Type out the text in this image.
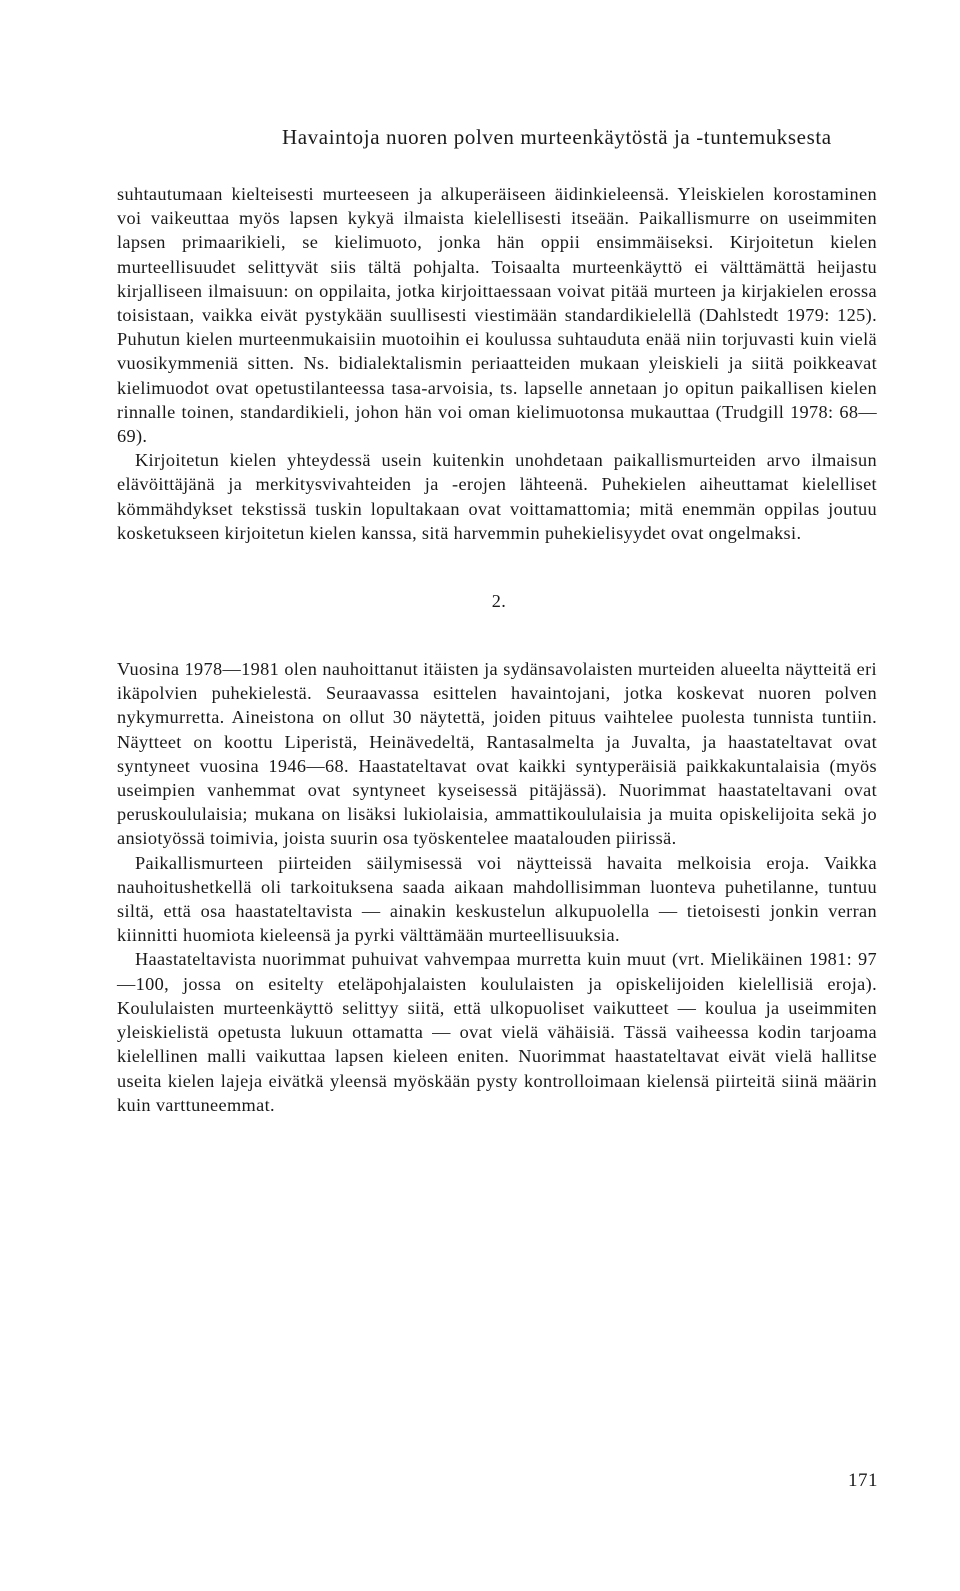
Havaintoja nuoren polven murteenkäytöstä ja -tuntemuksesta

suhtautumaan kielteisesti murteeseen ja alkuperäiseen äidinkieleensä. Yleiskielen korostaminen voi vaikeuttaa myös lapsen kykyä ilmaista kielellisesti itseään. Paikallismurre on useimmiten lapsen primaarikieli, se kielimuoto, jonka hän oppii ensimmäiseksi. Kirjoitetun kielen murteellisuudet selittyvät siis tältä pohjalta. Toisaalta murteenkäyttö ei välttämättä heijastu kirjalliseen ilmaisuun: on oppilaita, jotka kirjoittaessaan voivat pitää murteen ja kirjakielen erossa toisistaan, vaikka eivät pystykään suullisesti viestimään standardikielellä (Dahlstedt 1979: 125). Puhutun kielen murteenmukaisiin muotoihin ei koulussa suhtauduta enää niin torjuvasti kuin vielä vuosikymmeniä sitten. Ns. bidialektalismin periaatteiden mukaan yleiskieli ja siitä poikkeavat kielimuodot ovat opetustilanteessa tasa-arvoisia, ts. lapselle annetaan jo opitun paikallisen kielen rinnalle toinen, standardikieli, johon hän voi oman kielimuotonsa mukauttaa (Trudgill 1978: 68—69).

Kirjoitetun kielen yhteydessä usein kuitenkin unohdetaan paikallismurteiden arvo ilmaisun elävöittäjänä ja merkitysvivahteiden ja -erojen lähteenä. Puhekielen aiheuttamat kielelliset kömmähdykset tekstissä tuskin lopultakaan ovat voittamattomia; mitä enemmän oppilas joutuu kosketukseen kirjoitetun kielen kanssa, sitä harvemmin puhekielisyydet ovat ongelmaksi.

2.

Vuosina 1978—1981 olen nauhoittanut itäisten ja sydänsavolaisten murteiden alueelta näytteitä eri ikäpolvien puhekielestä. Seuraavassa esittelen havaintojani, jotka koskevat nuoren polven nykymurretta. Aineistona on ollut 30 näytettä, joiden pituus vaihtelee puolesta tunnista tuntiin. Näytteet on koottu Liperistä, Heinävedeltä, Rantasalmelta ja Juvalta, ja haastateltavat ovat syntyneet vuosina 1946—68. Haastateltavat ovat kaikki syntyperäisiä paikkakuntalaisia (myös useimpien vanhemmat ovat syntyneet kyseisessä pitäjässä). Nuorimmat haastateltavani ovat peruskoululaisia; mukana on lisäksi lukiolaisia, ammattikoululaisia ja muita opiskelijoita sekä jo ansiotyössä toimivia, joista suurin osa työskentelee maatalouden piirissä.

Paikallismurteen piirteiden säilymisessä voi näytteissä havaita melkoisia eroja. Vaikka nauhoitushetkellä oli tarkoituksena saada aikaan mahdollisimman luonteva puhetilanne, tuntuu siltä, että osa haastateltavista — ainakin keskustelun alkupuolella — tietoisesti jonkin verran kiinnitti huomiota kieleensä ja pyrki välttämään murteellisuuksia.

Haastateltavista nuorimmat puhuivat vahvempaa murretta kuin muut (vrt. Mielikäinen 1981: 97—100, jossa on esitelty eteläpohjalaisten koululaisten ja opiskelijoiden kielellisiä eroja). Koululaisten murteenkäyttö selittyy siitä, että ulkopuoliset vaikutteet — koulua ja useimmiten yleiskielistä opetusta lukuun ottamatta — ovat vielä vähäisiä. Tässä vaiheessa kodin tarjoama kielellinen malli vaikuttaa lapsen kieleen eniten. Nuorimmat haastateltavat eivät vielä hallitse useita kielen lajeja eivätkä yleensä myöskään pysty kontrolloimaan kielensä piirteitä siinä määrin kuin varttuneemmat.

171
